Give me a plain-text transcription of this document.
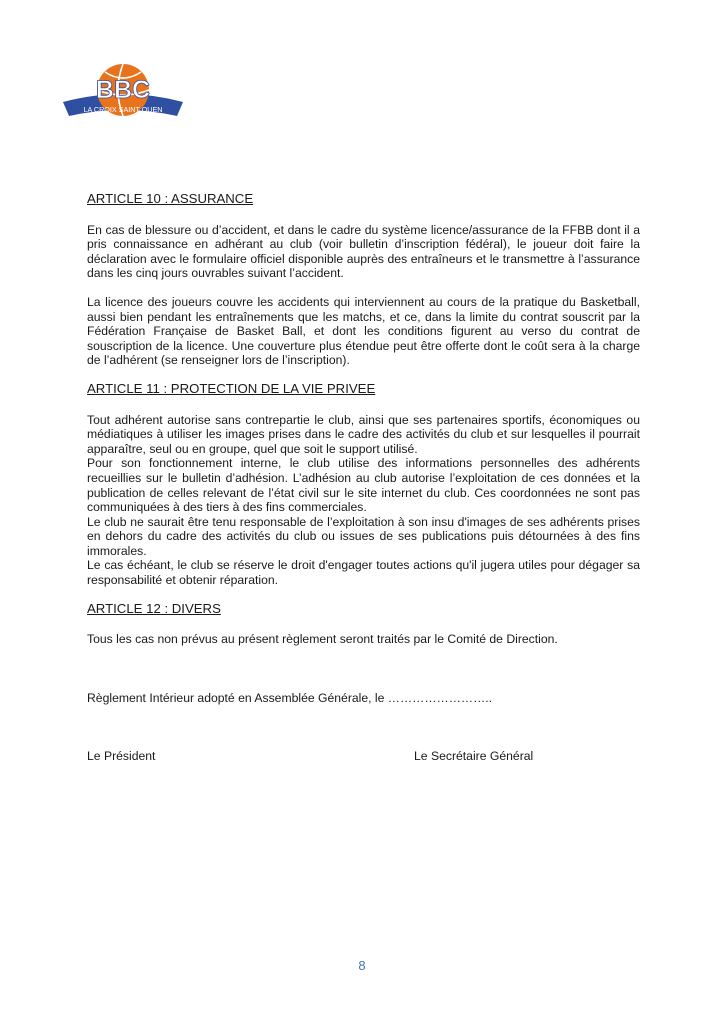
BBC
LA CROIX SAINT OUEN
ARTICLE 10 : ASSURANCE

En cas de blessure ou d’accident, et dans le cadre du système licence/assurance de la FFBB dont il a pris connaissance en adhérant au club (voir bulletin d’inscription fédéral), le joueur doit faire la déclaration avec le formulaire officiel disponible auprès des entraîneurs et le transmettre à l’assurance dans les cinq jours ouvrables suivant l’accident.

La licence des joueurs couvre les accidents qui interviennent au cours de la pratique du Basketball, aussi bien pendant les entraînements que les matchs, et ce, dans la limite du contrat souscrit par la Fédération Française de Basket Ball, et dont les conditions figurent au verso du contrat de souscription de la licence. Une couverture plus étendue peut être offerte dont le coût sera à la charge de l’adhérent (se renseigner lors de l’inscription).

ARTICLE 11 : PROTECTION DE LA VIE PRIVEE

Tout adhérent autorise sans contrepartie le club, ainsi que ses partenaires sportifs, économiques ou médiatiques à utiliser les images prises dans le cadre des activités du club et sur lesquelles il pourrait apparaître, seul ou en groupe, quel que soit le support utilisé.

Pour son fonctionnement interne, le club utilise des informations personnelles des adhérents recueillies sur le bulletin d’adhésion. L’adhésion au club autorise l’exploitation de ces données et la publication de celles relevant de l’état civil sur le site internet du club. Ces coordonnées ne sont pas communiquées à des tiers à des fins commerciales.

Le club ne saurait être tenu responsable de l’exploitation à son insu d'images de ses adhérents prises en dehors du cadre des activités du club ou issues de ses publications puis détournées à des fins immorales.

Le cas échéant, le club se réserve le droit d'engager toutes actions qu'il jugera utiles pour dégager sa responsabilité et obtenir réparation.

ARTICLE 12 : DIVERS

Tous les cas non prévus au présent règlement seront traités par le Comité de Direction.

Règlement Intérieur adopté en Assemblée Générale, le ……………………..

Le Président	Le Secrétaire Général
8
